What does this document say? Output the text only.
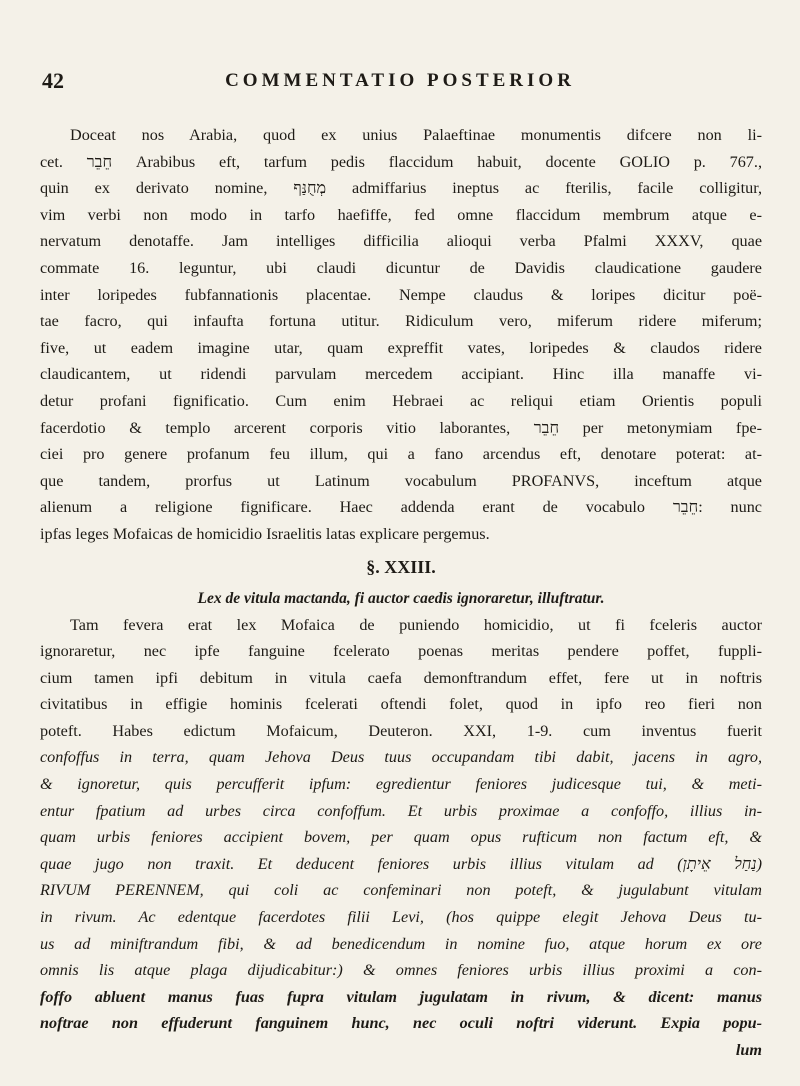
42	COMMENTATIO POSTERIOR
Doceat nos Arabia, quod ex unius Palaeftinae monumentis difcere non li-
cet. חֵבֵר Arabibus eft, tarfum pedis flaccidum habuit, docente GOLIO p. 767.,
quin ex derivato nomine, מְחֻנַּף admiffarius ineptus ac fterilis, facile colligitur,
vim verbi non modo in tarfo haefiffe, fed omne flaccidum membrum atque e-
nervatum denotaffe. Jam intelliges difficilia alioqui verba Pfalmi XXXV, quae
commate 16. leguntur, ubi claudi dicuntur de Davidis claudicatione gaudere
inter loripedes fubfannationis placentae. Nempe claudus & loripes dicitur poë-
tae facro, qui infaufta fortuna utitur. Ridiculum vero, miferum ridere miferum;
five, ut eadem imagine utar, quam expreffit vates, loripedes & claudos ridere
claudicantem, ut ridendi parvulam mercedem accipiant. Hinc illa manaffe vi-
detur profani fignificatio. Cum enim Hebraei ac reliqui etiam Orientis populi
facerdotio & templo arcerent corporis vitio laborantes, חֵבֵר per metonymiam fpe-
ciei pro genere profanum feu illum, qui a fano arcendus eft, denotare poterat: at-
que tandem, prorfus ut Latinum vocabulum PROFANVS, inceftum atque
alienum a religione fignificare. Haec addenda erant de vocabulo חֵבֵר: nunc
ipfas leges Mofaicas de homicidio Israelitis latas explicare pergemus.
§. XXIII.
Lex de vitula mactanda, fi auctor caedis ignoraretur, illuftratur.
Tam fevera erat lex Mofaica de puniendo homicidio, ut fi fceleris auctor
ignoraretur, nec ipfe fanguine fcelerato poenas meritas pendere poffet, fuppli-
cium tamen ipfi debitum in vitula caefa demonftrandum effet, fere ut in noftris
civitatibus in effigie hominis fcelerati oftendi folet, quod in ipfo reo fieri non
poteft. Habes edictum Mofaicum, Deuteron. XXI, 1-9. cum inventus fuerit
confoffus in terra, quam Jehova Deus tuus occupandam tibi dabit, jacens in agro,
& ignoretur, quis percufferit ipfum: egredientur feniores judicesque tui, & meti-
entur fpatium ad urbes circa confoffum. Et urbis proximae a confoffo, illius in-
quam urbis feniores accipient bovem, per quam opus rufticum non factum eft, &
quae jugo non traxit. Et deducent feniores urbis illius vitulam ad (נַחַל אֵיתָן)
RIVUM PERENNEM, qui coli ac confeminari non poteft, & jugulabunt vitulam
in rivum. Ac edentque facerdotes filii Levi, (hos quippe elegit Jehova Deus tu-
us ad miniftrandum fibi, & ad benedicendum in nomine fuo, atque horum ex ore
omnis lis atque plaga dijudicabitur:) & omnes feniores urbis illius proximi a con-
foffo abluent manus fuas fupra vitulam jugulatam in rivum, & dicent: manus
noftrae non effuderunt fanguinem hunc, nec oculi noftri viderunt. Expia popu-
lum
